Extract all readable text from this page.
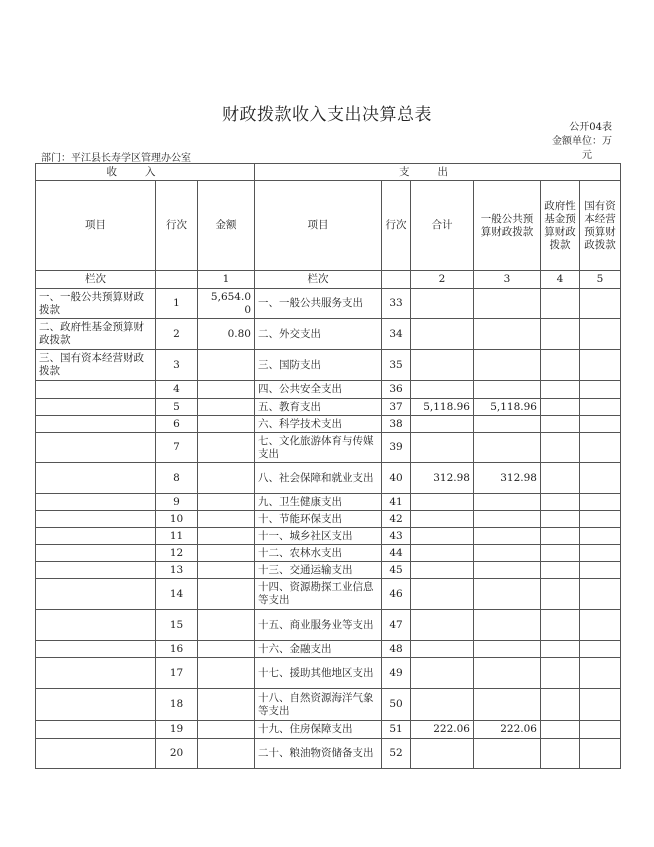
财政拨款收入支出决算总表
公开04表
金额单位：万
元
部门：平江县长寿学区管理办公室
收入			支出					
项目	行次	金额	项目	行次	合计	一般公共预算财政拨款	政府性基金预算财政拨款	国有资本经营预算财政拨款
栏次		1	栏次		2	3	4	5
一、一般公共预算财政拨款	1	5,654.00	一、一般公共服务支出	33				
二、政府性基金预算财政拨款	2	0.80	二、外交支出	34				
三、国有资本经营财政拨款	3		三、国防支出	35				
	4		四、公共安全支出	36				
	5		五、教育支出	37	5,118.96	5,118.96		
	6		六、科学技术支出	38				
	7		七、文化旅游体育与传媒支出	39				
	8		八、社会保障和就业支出	40	312.98	312.98		
	9		九、卫生健康支出	41				
	10		十、节能环保支出	42				
	11		十一、城乡社区支出	43				
	12		十二、农林水支出	44				
	13		十三、交通运输支出	45				
	14		十四、资源勘探工业信息等支出	46				
	15		十五、商业服务业等支出	47				
	16		十六、金融支出	48				
	17		十七、援助其他地区支出	49				
	18		十八、自然资源海洋气象等支出	50				
	19		十九、住房保障支出	51	222.06	222.06		
	20		二十、粮油物资储备支出	52				
